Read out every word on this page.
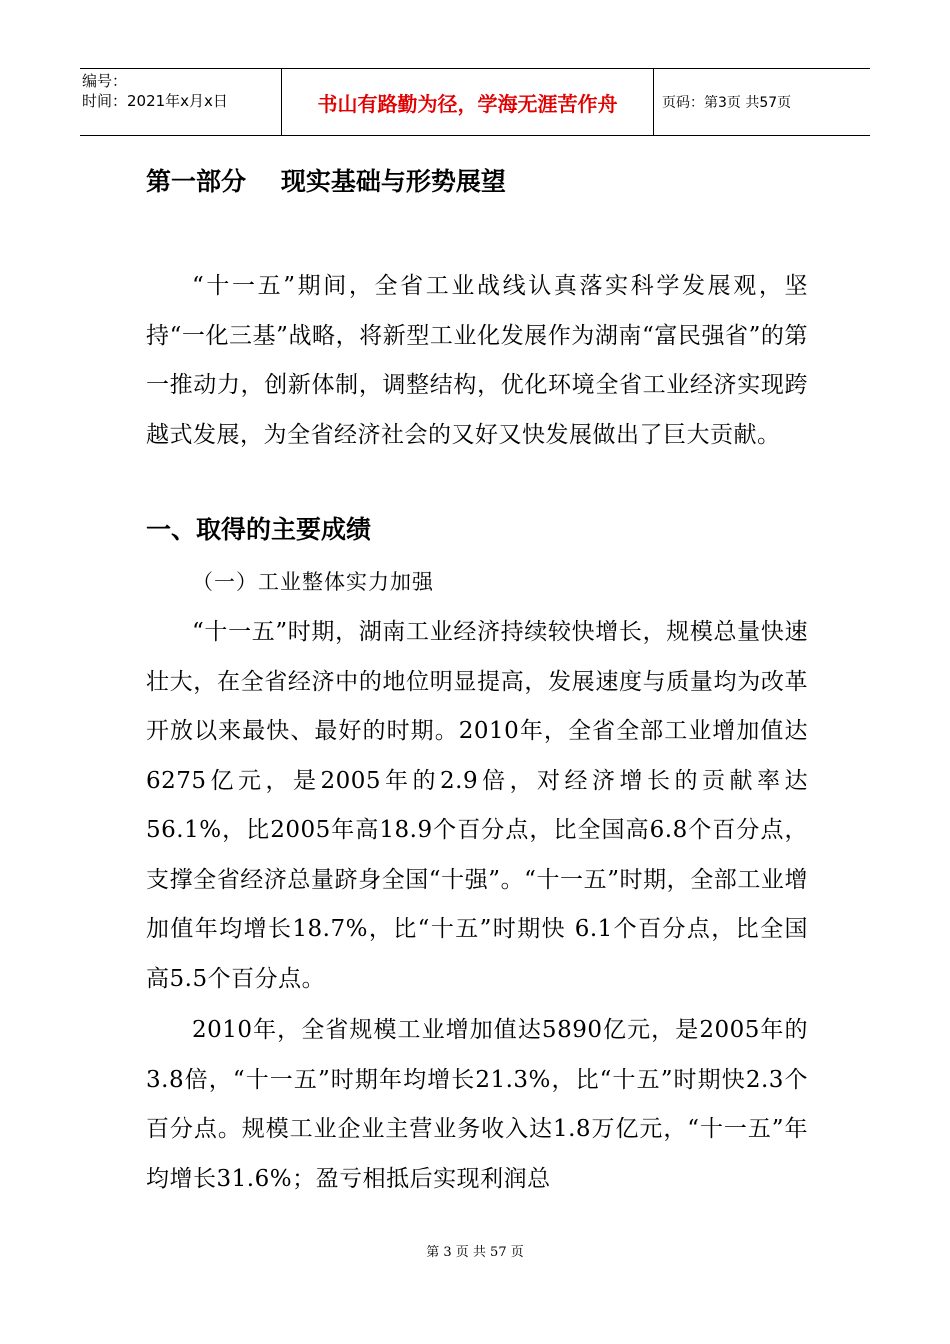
编号：
时间：2021年x月x日	书山有路勤为径，学海无涯苦作舟	页码：第3页 共57页
第一部分    现实基础与形势展望

“十一五”期间，全省工业战线认真落实科学发展观，坚持“一化三基”战略，将新型工业化发展作为湖南“富民强省”的第一推动力，创新体制，调整结构，优化环境全省工业经济实现跨越式发展，为全省经济社会的又好又快发展做出了巨大贡献。

一、取得的主要成绩
（一）工业整体实力加强

“十一五”时期，湖南工业经济持续较快增长，规模总量快速壮大，在全省经济中的地位明显提高，发展速度与质量均为改革开放以来最快、最好的时期。2010年，全省全部工业增加值达6275亿元，是2005年的2.9倍，对经济增长的贡献率达56.1%，比2005年高18.9个百分点，比全国高6.8个百分点，支撑全省经济总量跻身全国“十强”。“十一五”时期，全部工业增加值年均增长18.7%，比“十五”时期快 6.1个百分点，比全国高5.5个百分点。

2010年，全省规模工业增加值达5890亿元，是2005年的3.8倍，“十一五”时期年均增长21.3%，比“十五”时期快2.3个百分点。规模工业企业主营业务收入达1.8万亿元，“十一五”年均增长31.6%；盈亏相抵后实现利润总

第 3 页 共 57 页
